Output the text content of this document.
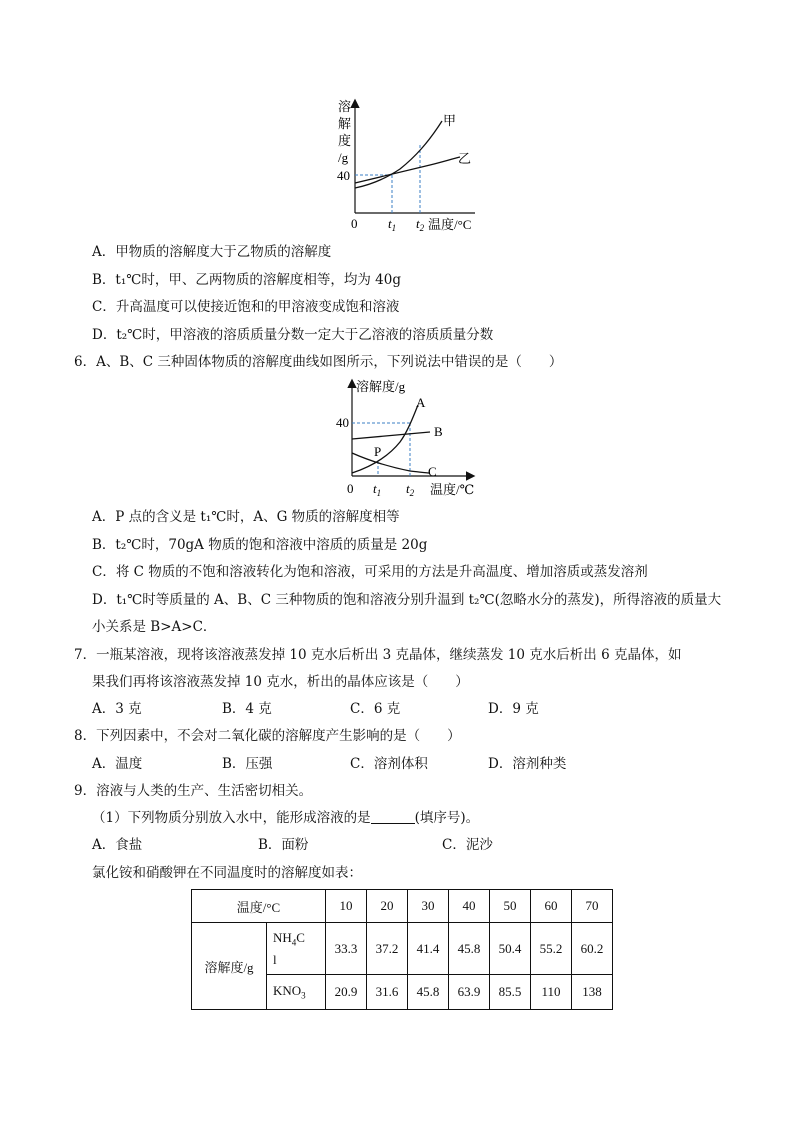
溶
解
度
/g
40
0
甲
乙
$t_1$ $t_2$ 温度/°C
A．甲物质的溶解度大于乙物质的溶解度
B．t₁℃时，甲、乙两物质的溶解度相等，均为 40g
C．升高温度可以使接近饱和的甲溶液变成饱和溶液
D．t₂℃时，甲溶液的溶质质量分数一定大于乙溶液的溶质质量分数
6．A、B、C 三种固体物质的溶解度曲线如图所示，下列说法中错误的是（　　）
溶解度/g
40
0
A
B
C
P
$t_1$ $t_2$ 温度/℃
A．P 点的含义是 t₁℃时，A、G 物质的溶解度相等
B．t₂℃时，70gA 物质的饱和溶液中溶质的质量是 20g
C．将 C 物质的不饱和溶液转化为饱和溶液，可采用的方法是升高温度、增加溶质或蒸发溶剂
D．t₁℃时等质量的 A、B、C 三种物质的饱和溶液分别升温到 t₂℃(忽略水分的蒸发)，所得溶液的质量大
小关系是 B>A>C．
7．一瓶某溶液，现将该溶液蒸发掉 10 克水后析出 3 克晶体，继续蒸发 10 克水后析出 6 克晶体，如
果我们再将该溶液蒸发掉 10 克水，析出的晶体应该是（　　）
A．3 克	B．4 克	C．6 克	D．9 克
8．下列因素中，不会对二氧化碳的溶解度产生影响的是（　　）
A．温度	B．压强	C．溶剂体积	D．溶剂种类
9．溶液与人类的生产、生活密切相关。
（1）下列物质分别放入水中，能形成溶液的是	(填序号)。
A．食盐	B．面粉	C．泥沙
氯化铵和硝酸钾在不同温度时的溶解度如表：
温度/°C		10	20	30	40	50	60	70
溶解度/g	$NH_4C$
l	33.3	37.2	41.4	45.8	50.4	55.2	60.2
	$KNO_3$	20.9	31.6	45.8	63.9	85.5	110	138
